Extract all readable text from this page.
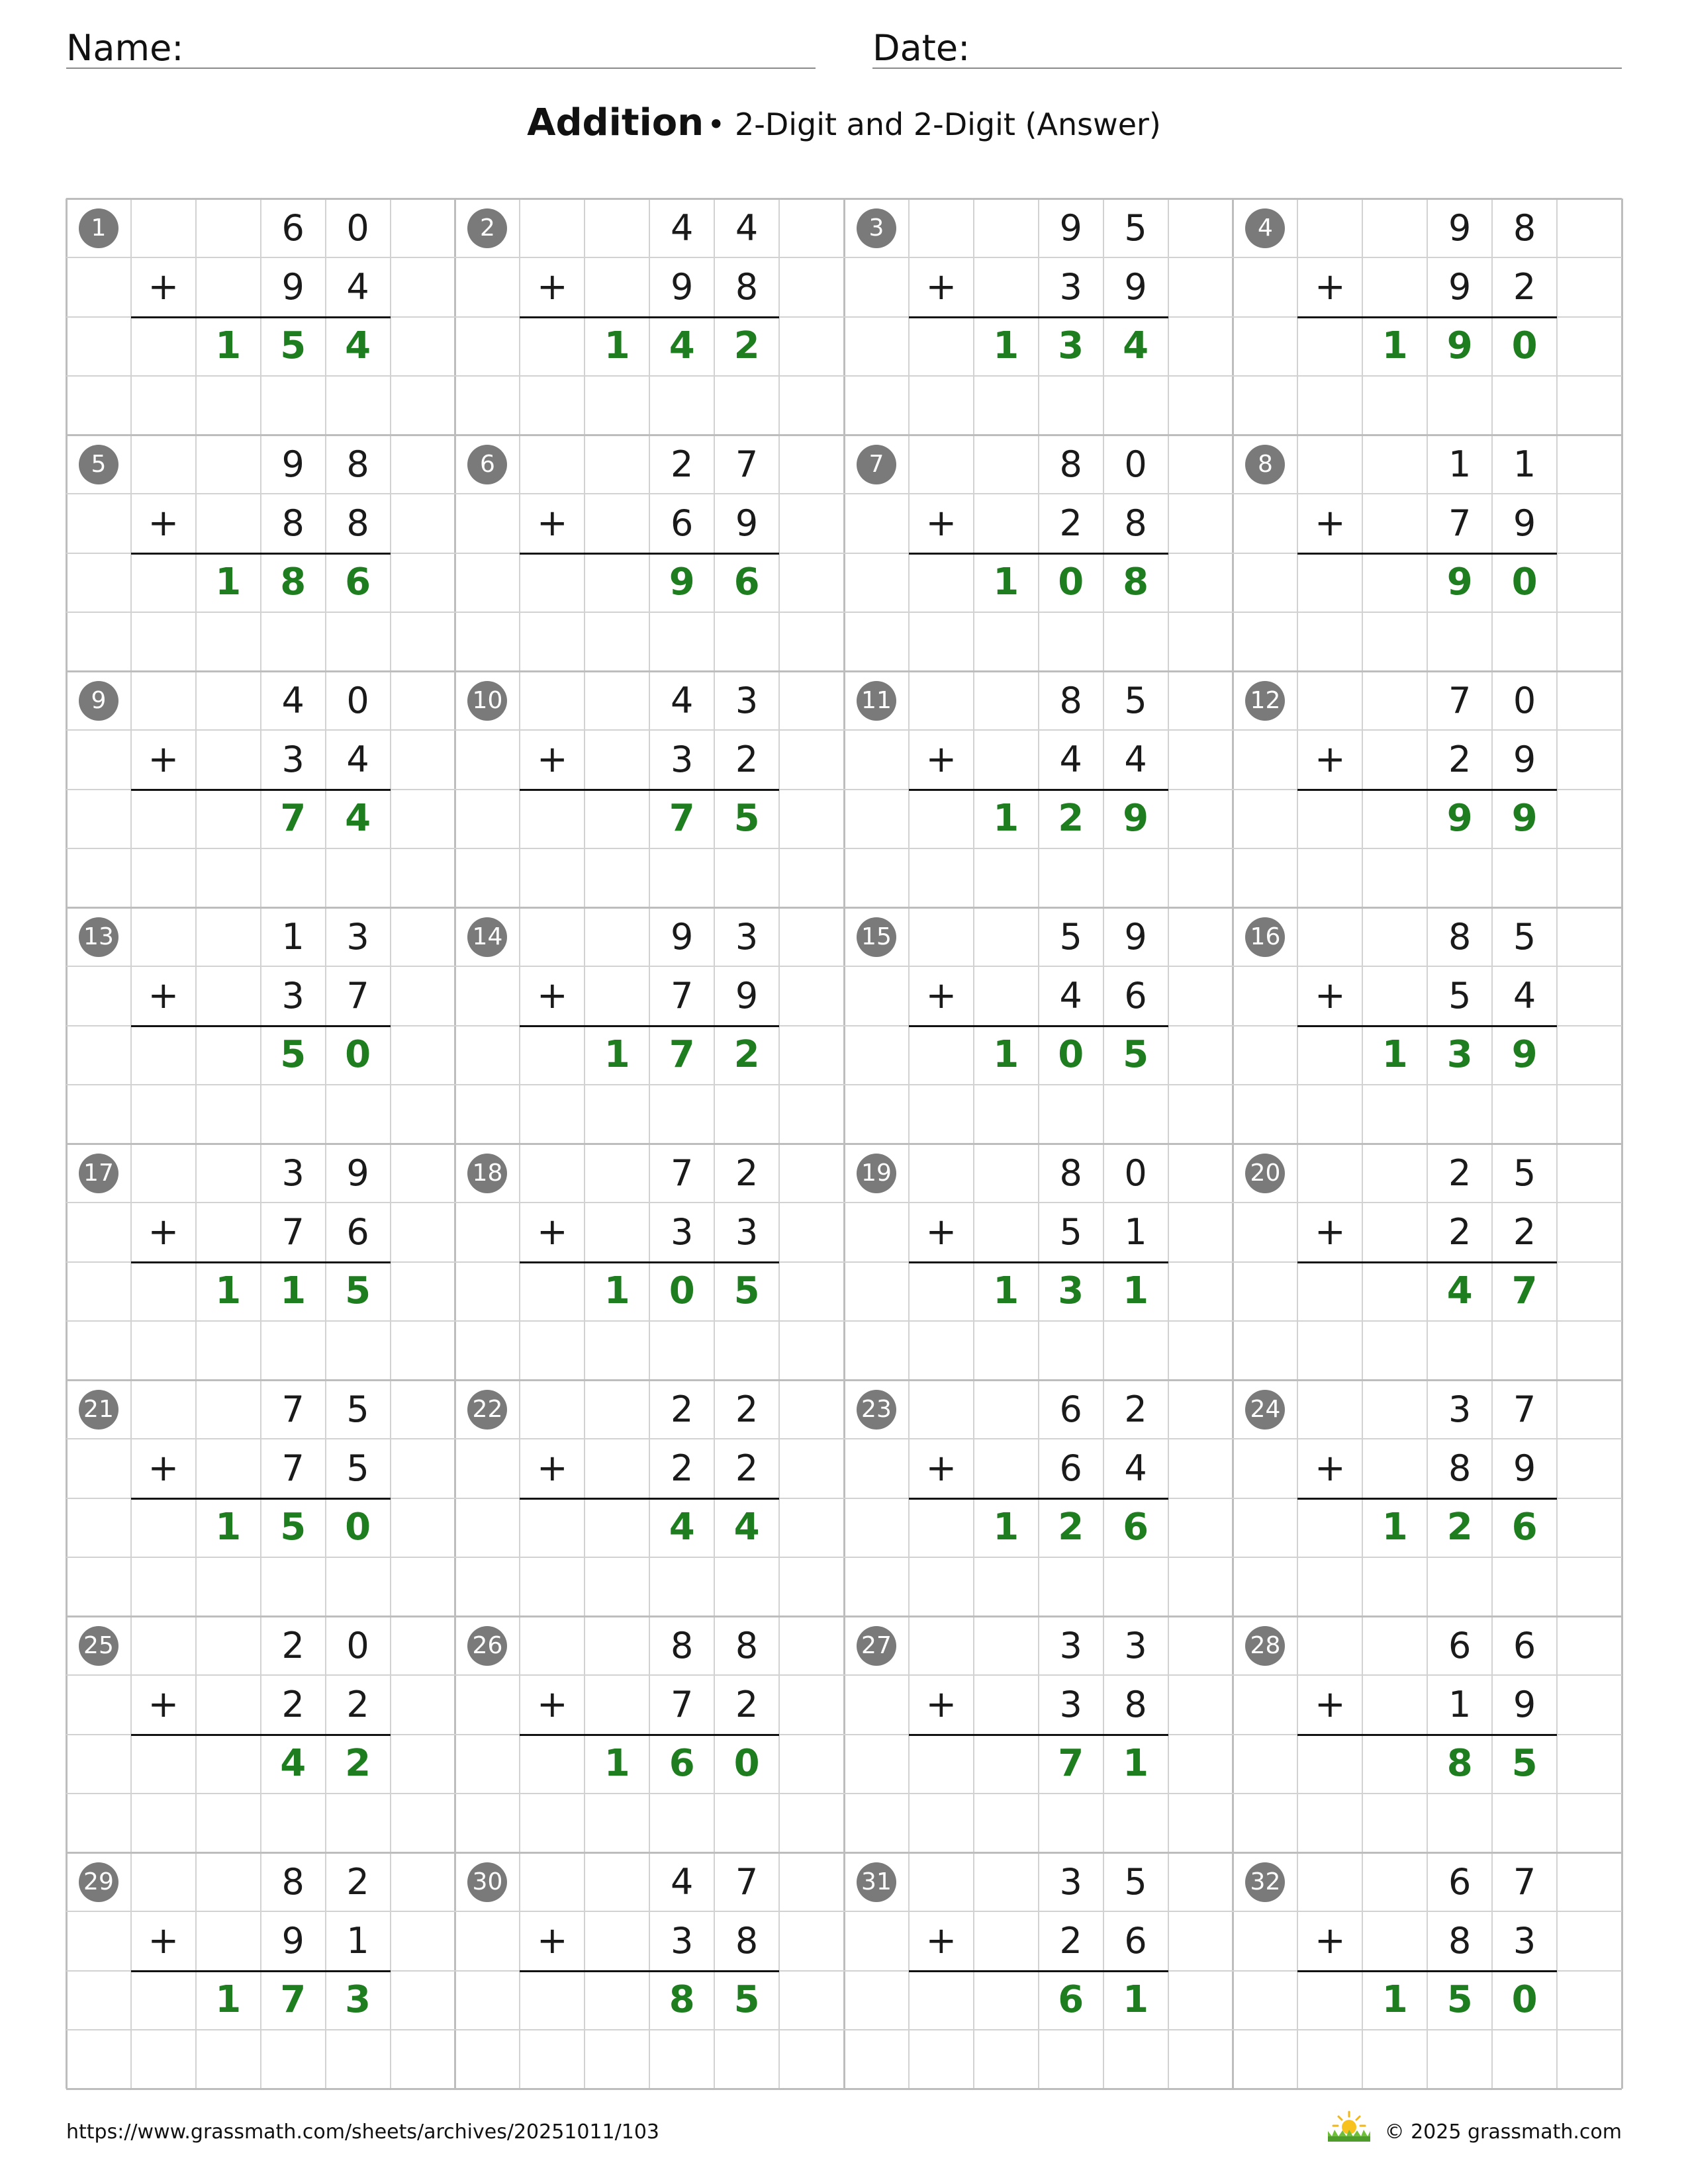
Name:	Date:
Addition • 2-Digit and 2-Digit (Answer)
1	6	0
+	9	4
1	5	4
2	4	4
+	9	8
1	4	2
3	9	5
+	3	9
1	3	4
4	9	8
+	9	2
1	9	0
5	9	8
+	8	8
1	8	6
6	2	7
+	6	9
9	6
7	8	0
+	2	8
1	0	8
8	1	1
+	7	9
9	0
9	4	0
+	3	4
7	4
10	4	3
+	3	2
7	5
11	8	5
+	4	4
1	2	9
12	7	0
+	2	9
9	9
13	1	3
+	3	7
5	0
14	9	3
+	7	9
1	7	2
15	5	9
+	4	6
1	0	5
16	8	5
+	5	4
1	3	9
17	3	9
+	7	6
1	1	5
18	7	2
+	3	3
1	0	5
19	8	0
+	5	1
1	3	1
20	2	5
+	2	2
4	7
21	7	5
+	7	5
1	5	0
22	2	2
+	2	2
4	4
23	6	2
+	6	4
1	2	6
24	3	7
+	8	9
1	2	6
25	2	0
+	2	2
4	2
26	8	8
+	7	2
1	6	0
27	3	3
+	3	8
7	1
28	6	6
+	1	9
8	5
29	8	2
+	9	1
1	7	3
30	4	7
+	3	8
8	5
31	3	5
+	2	6
6	1
32	6	7
+	8	3
1	5	0
https://www.grassmath.com/sheets/archives/20251011/103	© 2025 grassmath.com
